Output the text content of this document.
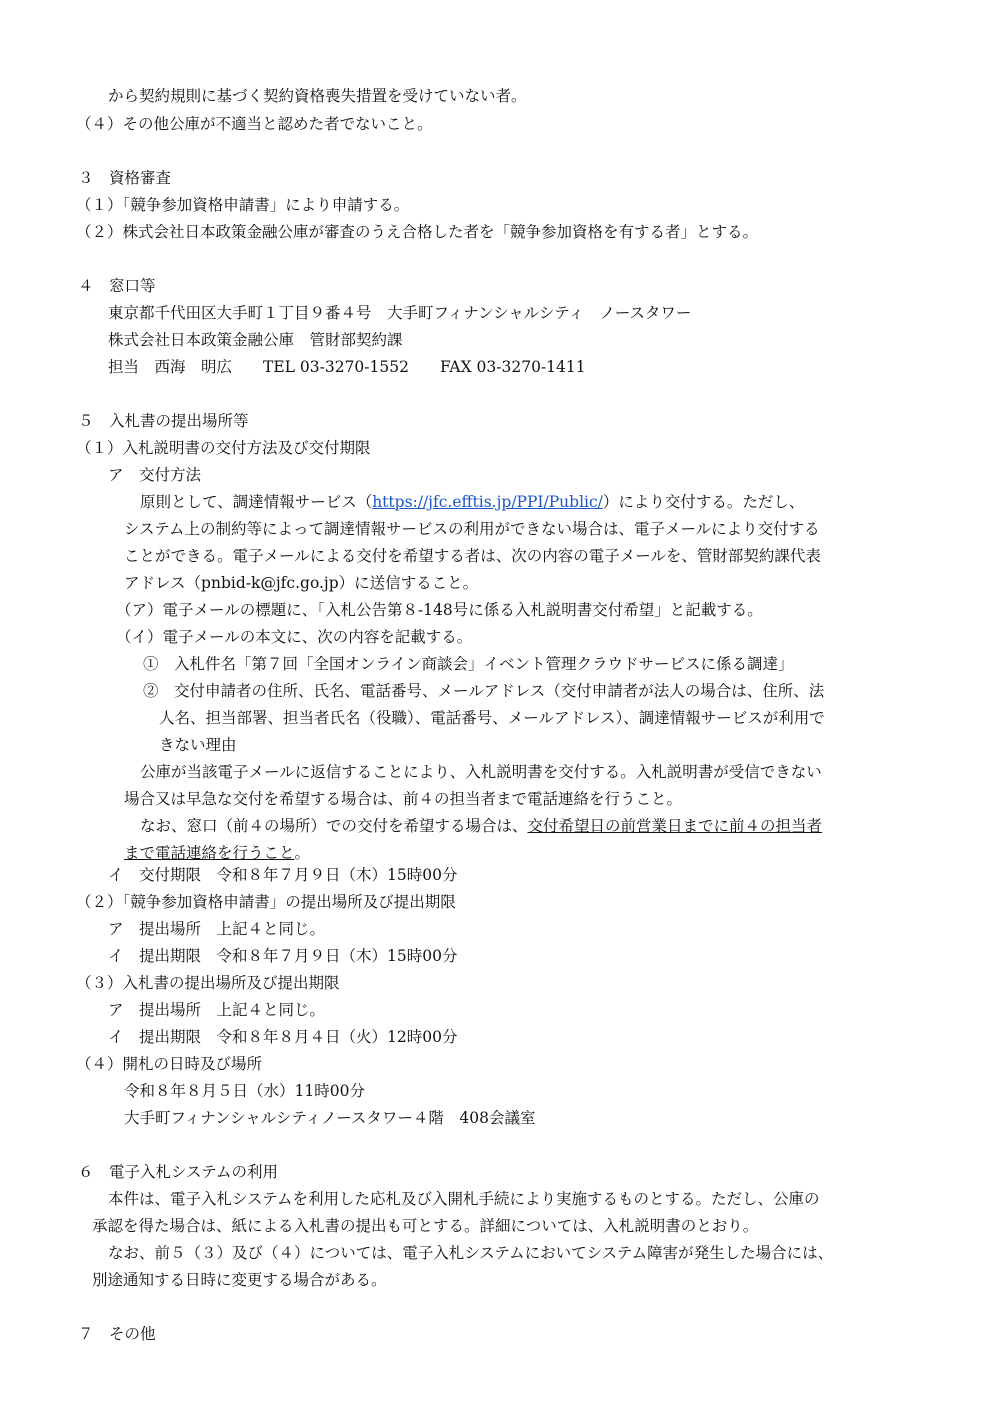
から契約規則に基づく契約資格喪失措置を受けていない者。
（４）その他公庫が不適当と認めた者でないこと。
３　資格審査
（１）「競争参加資格申請書」により申請する。
（２）株式会社日本政策金融公庫が審査のうえ合格した者を「競争参加資格を有する者」とする。
４　窓口等
東京都千代田区大手町１丁目９番４号　大手町フィナンシャルシティ　ノースタワー
株式会社日本政策金融公庫　管財部契約課
担当　西海　明広　　TEL 03-3270-1552　　FAX 03-3270-1411
５　入札書の提出場所等
（１）入札説明書の交付方法及び交付期限
ア　交付方法
原則として、調達情報サービス（https://jfc.efftis.jp/PPI/Public/）により交付する。ただし、
システム上の制約等によって調達情報サービスの利用ができない場合は、電子メールにより交付する
ことができる。電子メールによる交付を希望する者は、次の内容の電子メールを、管財部契約課代表
アドレス（pnbid-k@jfc.go.jp）に送信すること。
（ア）電子メールの標題に、「入札公告第８-148号に係る入札説明書交付希望」と記載する。
（イ）電子メールの本文に、次の内容を記載する。
①　入札件名「第７回「全国オンライン商談会」イベント管理クラウドサービスに係る調達」
②　交付申請者の住所、氏名、電話番号、メールアドレス（交付申請者が法人の場合は、住所、法
人名、担当部署、担当者氏名（役職）、電話番号、メールアドレス）、調達情報サービスが利用で
きない理由
公庫が当該電子メールに返信することにより、入札説明書を交付する。入札説明書が受信できない
場合又は早急な交付を希望する場合は、前４の担当者まで電話連絡を行うこと。
なお、窓口（前４の場所）での交付を希望する場合は、交付希望日の前営業日までに前４の担当者
まで電話連絡を行うこと。
イ　交付期限　令和８年７月９日（木）15時00分
（２）「競争参加資格申請書」の提出場所及び提出期限
ア　提出場所　上記４と同じ。
イ　提出期限　令和８年７月９日（木）15時00分
（３）入札書の提出場所及び提出期限
ア　提出場所　上記４と同じ。
イ　提出期限　令和８年８月４日（火）12時00分
（４）開札の日時及び場所
令和８年８月５日（水）11時00分
大手町フィナンシャルシティノースタワー４階　408会議室
６　電子入札システムの利用
本件は、電子入札システムを利用した応札及び入開札手続により実施するものとする。ただし、公庫の
承認を得た場合は、紙による入札書の提出も可とする。詳細については、入札説明書のとおり。
なお、前５（３）及び（４）については、電子入札システムにおいてシステム障害が発生した場合には、
別途通知する日時に変更する場合がある。
７　その他
